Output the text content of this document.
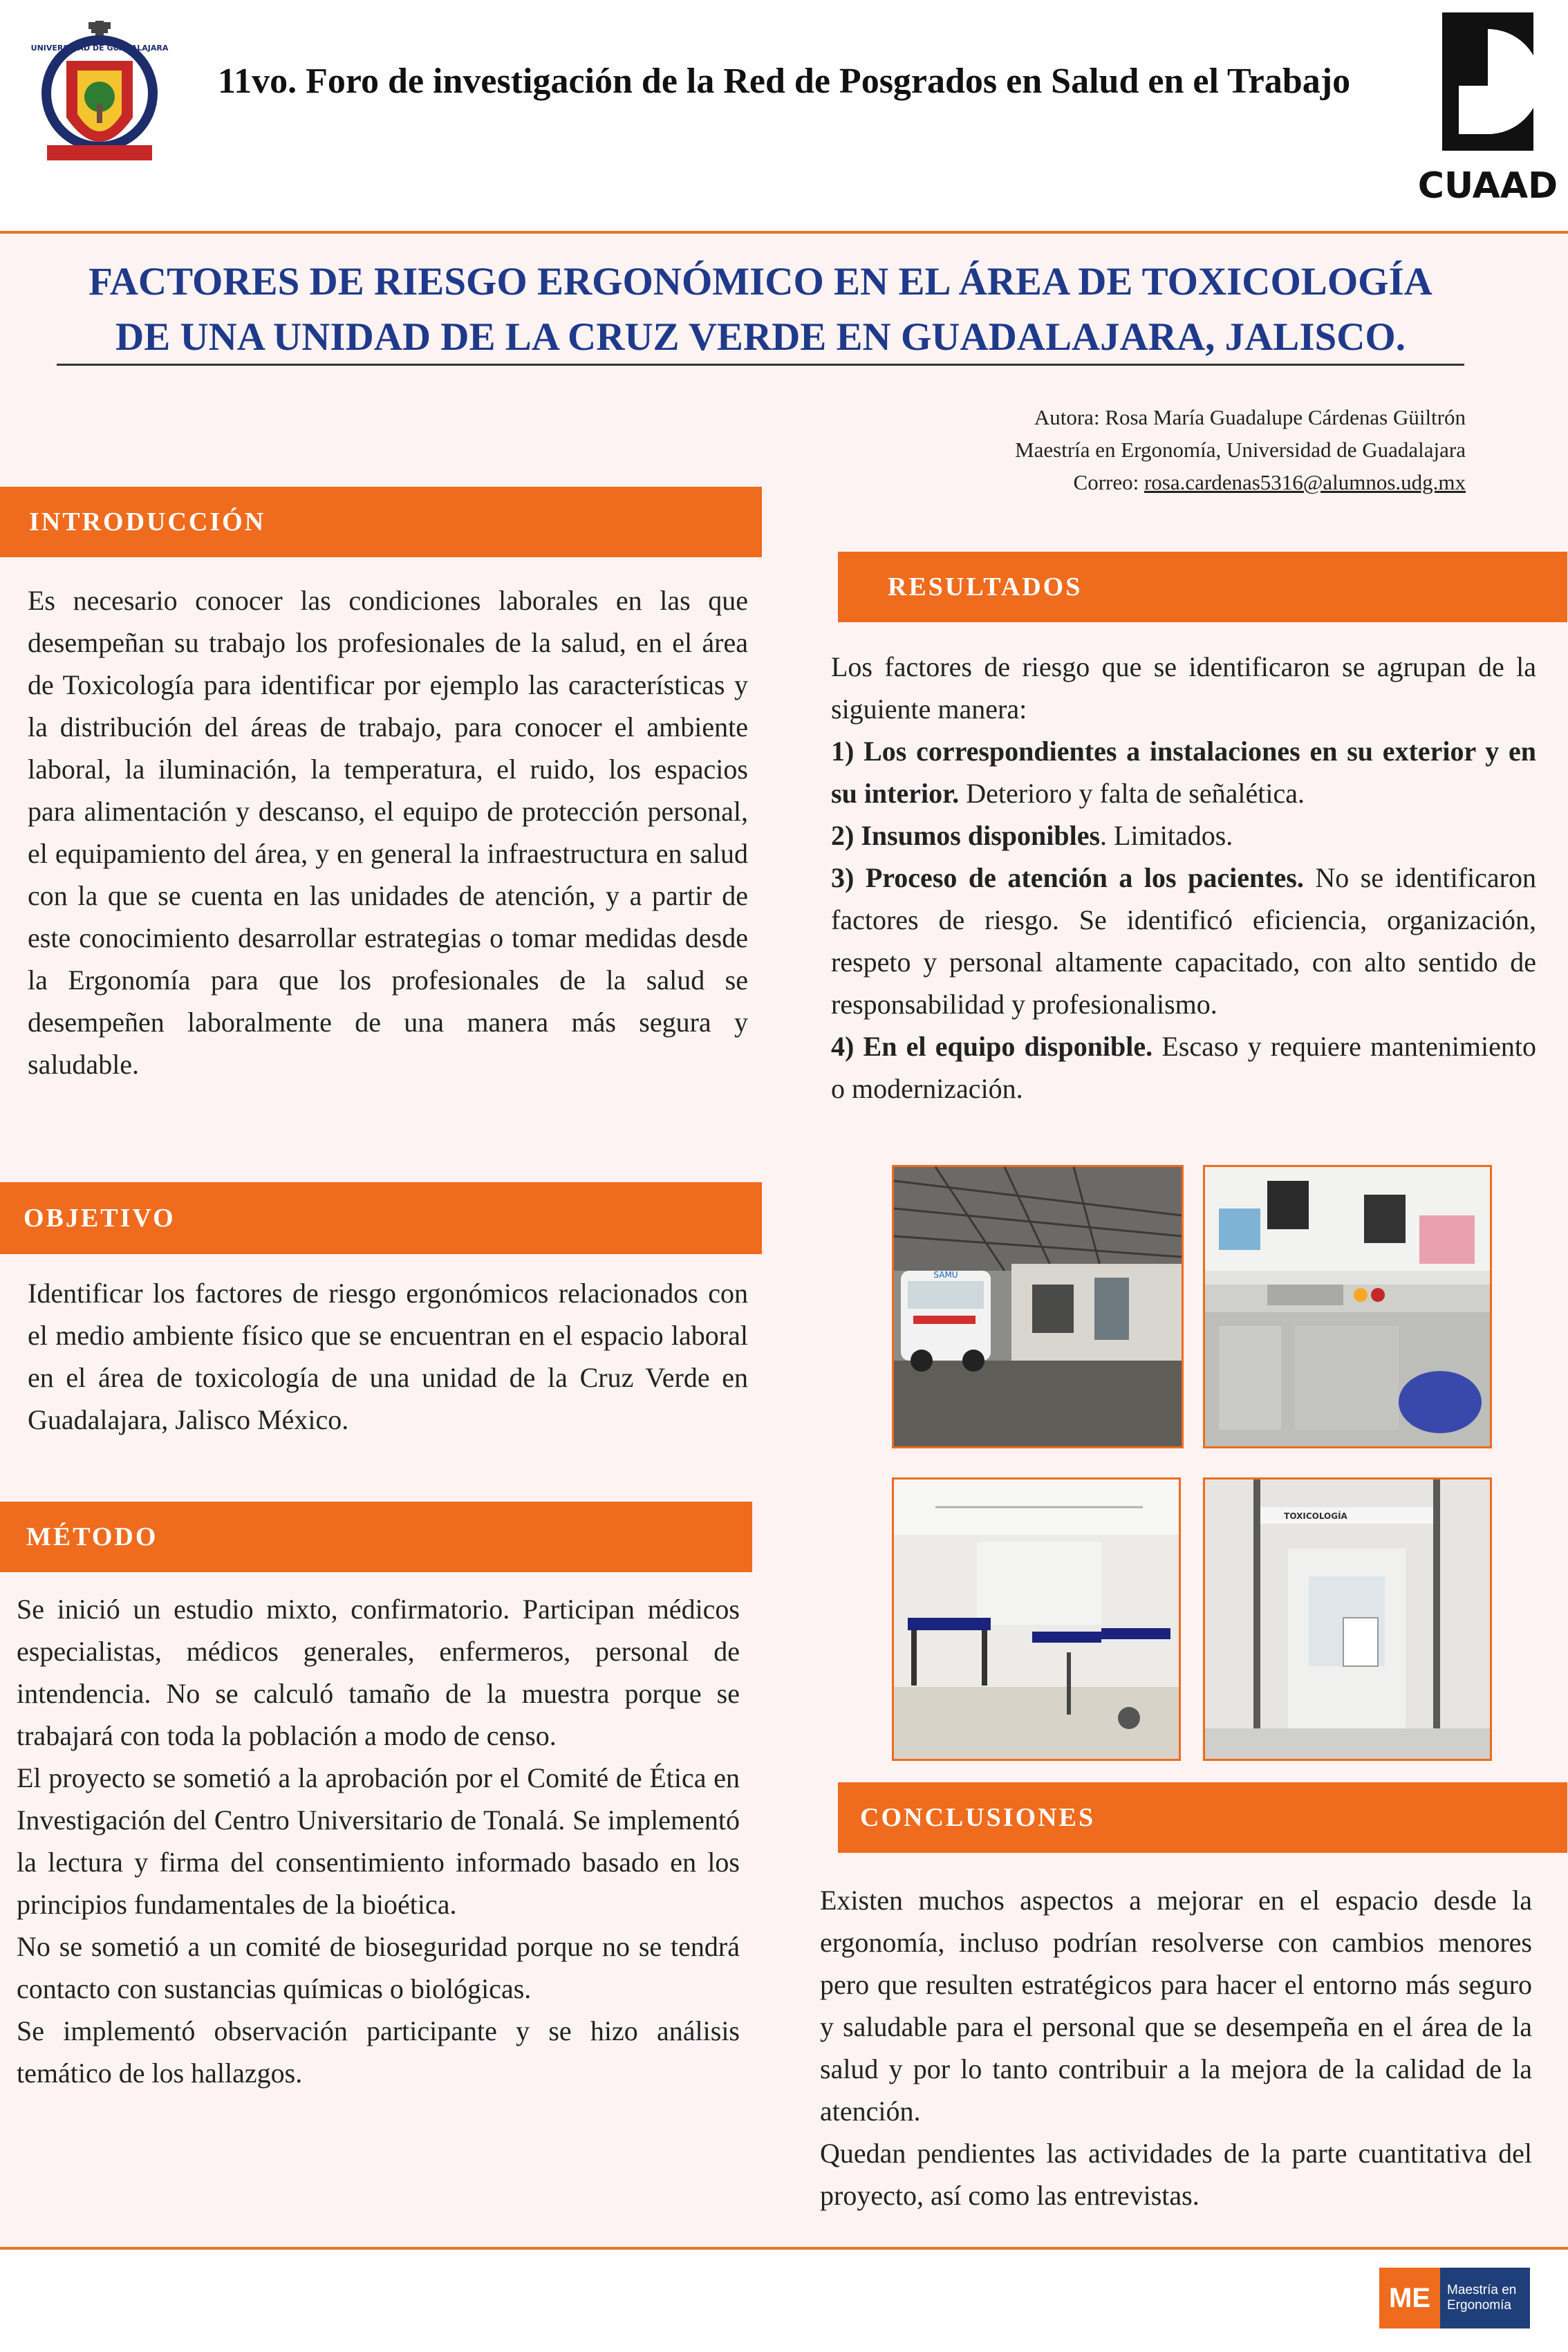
UNIVERSIDAD DE GUADALAJARA
11vo. Foro de investigación de la Red de Posgrados en Salud en el Trabajo
CUAAD
FACTORES DE RIESGO ERGONÓMICO EN EL ÁREA DE TOXICOLOGÍA
DE UNA UNIDAD DE LA CRUZ VERDE EN GUADALAJARA, JALISCO.
Autora: Rosa María Guadalupe Cárdenas Güiltrón
Maestría en Ergonomía, Universidad de Guadalajara
Correo: rosa.cardenas5316@alumnos.udg.mx
INTRODUCCIÓN
Es necesario conocer las condiciones laborales en las que desempeñan su trabajo los profesionales de la salud, en el área de Toxicología para identificar por ejemplo las características y la distribución del áreas de trabajo, para conocer el ambiente laboral, la iluminación, la temperatura, el ruido, los espacios para alimentación y descanso, el equipo de protección personal, el equipamiento del área, y en general la infraestructura en salud con la que se cuenta en las unidades de atención, y a partir de este conocimiento desarrollar estrategias o tomar medidas desde la Ergonomía para que los profesionales de la salud se desempeñen laboralmente de una manera más segura y saludable.
OBJETIVO
Identificar los factores de riesgo ergonómicos relacionados con el medio ambiente físico que se encuentran en el espacio laboral en el área de toxicología de una unidad de la Cruz Verde en Guadalajara, Jalisco México.
MÉTODO

Se inició un estudio mixto, confirmatorio. Participan médicos especialistas, médicos generales, enfermeros, personal de intendencia. No se calculó tamaño de la muestra porque se trabajará con toda la población a modo de censo.

El proyecto se sometió a la aprobación por el Comité de Ética en Investigación del Centro Universitario de Tonalá. Se implementó la lectura y firma del consentimiento informado basado en los principios fundamentales de la bioética.

No se sometió a un comité de bioseguridad porque no se tendrá contacto con sustancias químicas o biológicas.

Se implementó observación participante y se hizo análisis temático de los hallazgos.

RESULTADOS

Los factores de riesgo que se identificaron se agrupan de la siguiente manera:

1) Los correspondientes a instalaciones en su exterior y en su interior. Deterioro y falta de señalética.

2) Insumos disponibles. Limitados.

3) Proceso de atención a los pacientes. No se identificaron factores de riesgo. Se identificó eficiencia, organización, respeto y personal altamente capacitado, con alto sentido de responsabilidad y profesionalismo.

4) En el equipo disponible. Escaso y requiere mantenimiento o modernización.

SAMU
TOXICOLOGÍA
CONCLUSIONES

Existen muchos aspectos a mejorar en el espacio desde la ergonomía, incluso podrían resolverse con cambios menores pero que resulten estratégicos para hacer el entorno más seguro y saludable para el personal que se desempeña en el área de la salud y por lo tanto contribuir a la mejora de la calidad de la atención.

Quedan pendientes las actividades de la parte cuantitativa del proyecto, así como las entrevistas.

ME	Maestría en
Ergonomía
